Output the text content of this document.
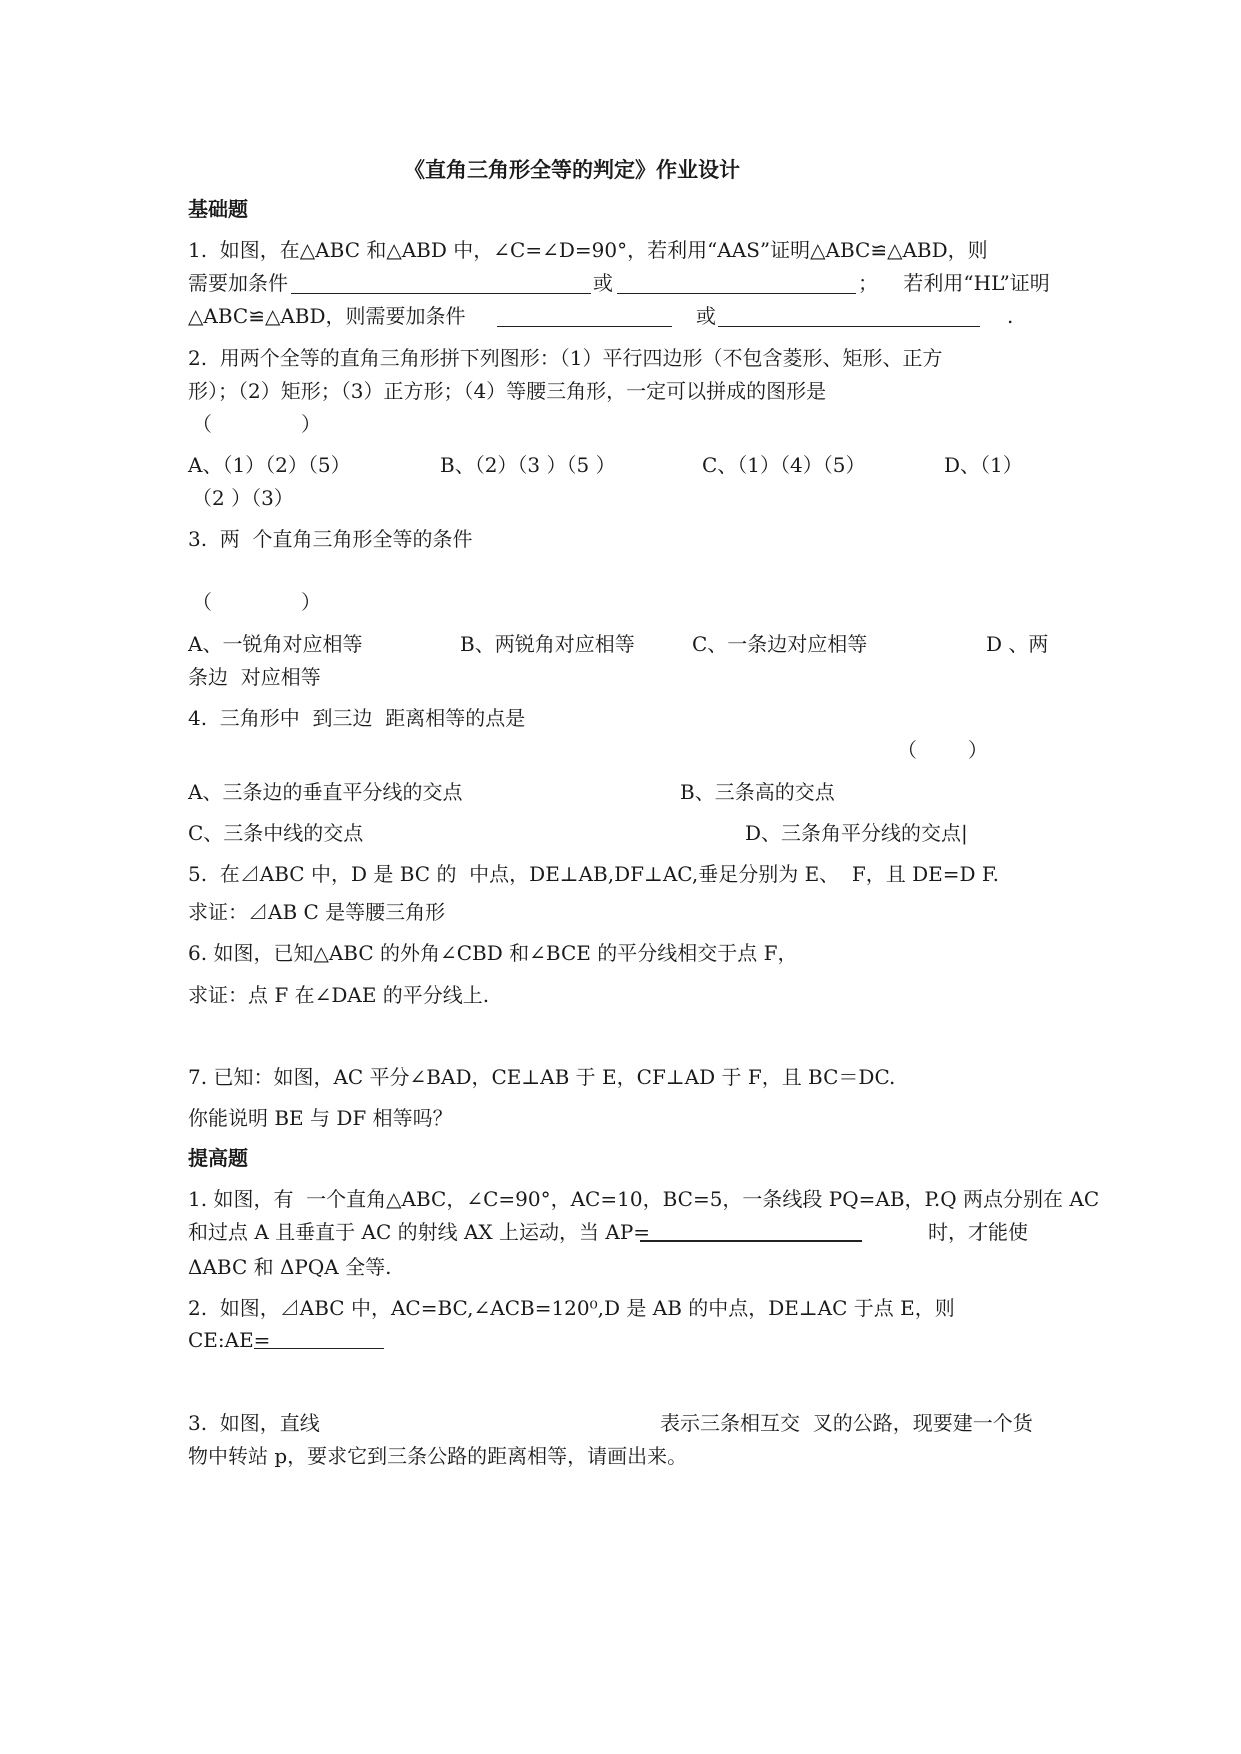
《直角三角形全等的判定》作业设计
基础题
1.  如图，在△ABC 和△ABD 中，∠C=∠D=90°，若利用“AAS”证明△ABC≌△ABD，则
需要加条件	或	；    若利用“HL”证明
△ABC≌△ABD，则需要加条件	或	.
2.  用两个全等的直角三角形拼下列图形：（1）平行四边形（不包含菱形、矩形、正方
形）；（2）矩形；（3）正方形；（4）等腰三角形，一定可以拼成的图形是
（              ）
A、（1）（2）（5）	B、（2）（3 ）（5 ）	C、（1）（4）（5）	D、（1）
（2 ）（3）
3.  两  个直角三角形全等的条件
（              ）
A、一锐角对应相等	B、两锐角对应相等	C、一条边对应相等	D 、两
条边  对应相等
4.  三角形中  到三边  距离相等的点是
（        ）
A、三条边的垂直平分线的交点	B、三条高的交点
C、三条中线的交点	D、三条角平分线的交点|
5.  在⊿ABC 中，D 是 BC 的  中点，DE⊥AB,DF⊥AC,垂足分别为 E、  F，且 DE=D F.
求证：⊿AB C 是等腰三角形
6. 如图，已知△ABC 的外角∠CBD 和∠BCE 的平分线相交于点 F，
求证：点 F 在∠DAE 的平分线上.
7. 已知：如图，AC 平分∠BAD，CE⊥AB 于 E，CF⊥AD 于 F，且 BC＝DC.
你能说明 BE 与 DF 相等吗？
提高题
1. 如图，有  一个直角△ABC，∠C=90°，AC=10，BC=5，一条线段 PQ=AB，P.Q 两点分别在 AC
和过点 A 且垂直于 AC 的射线 AX 上运动，当 AP=	时，才能使
ΔABC 和 ΔPQA 全等.
2.  如图，⊿ABC 中，AC=BC,∠ACB=120⁰,D 是 AB 的中点，DE⊥AC 于点 E，则
CE:AE=
3.  如图，直线	表示三条相互交  叉的公路，现要建一个货
物中转站 p，要求它到三条公路的距离相等，请画出来。
